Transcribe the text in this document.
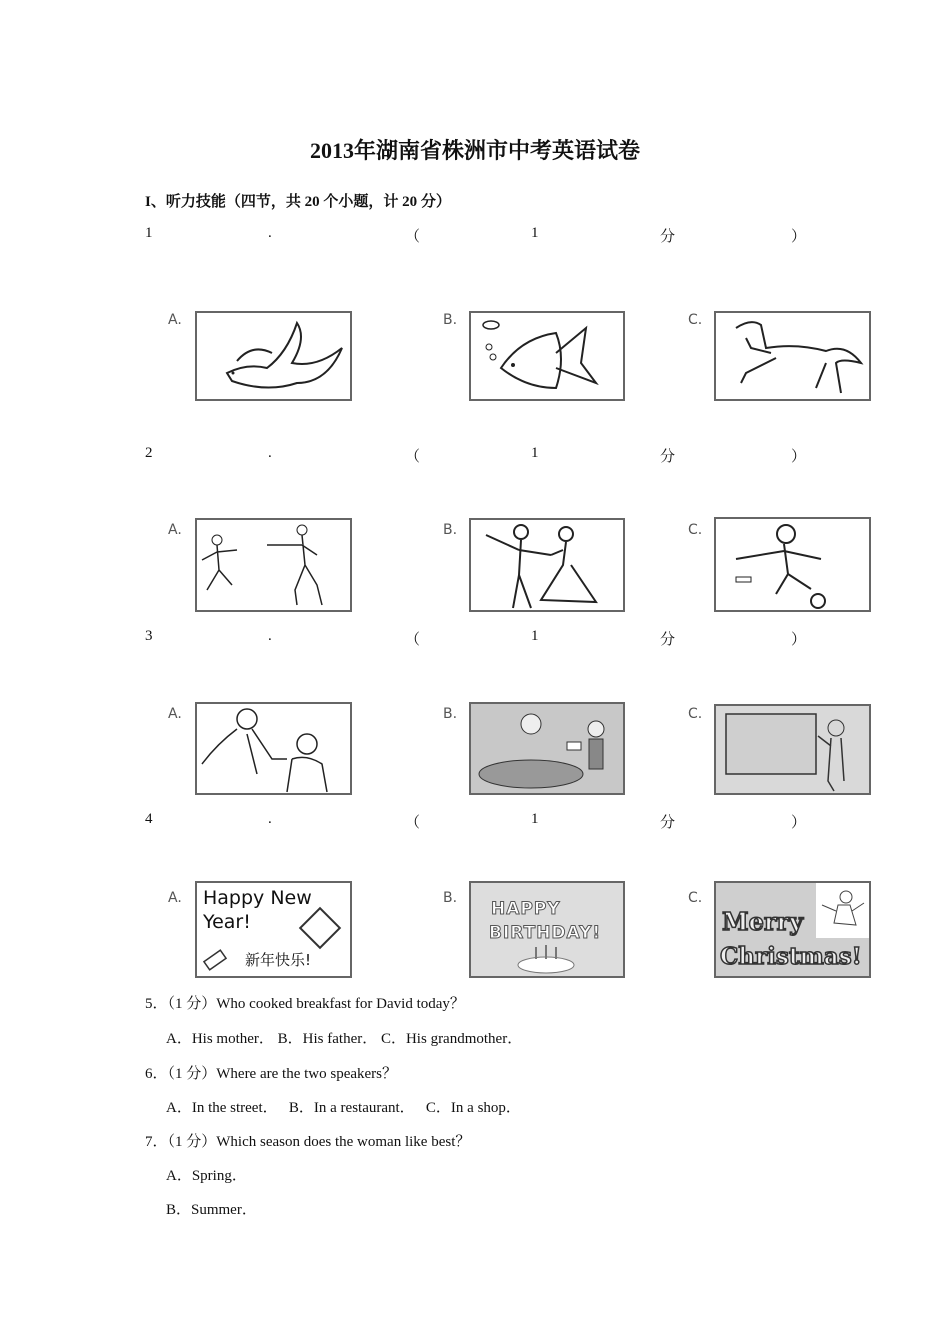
2013年湖南省株洲市中考英语试卷
I、听力技能（四节，共 20 个小题，计 20 分）
1	.	（	1	分	）
A.	B.	C.
2	.	（	1	分	）
A.	B.	C.
3	.	（	1	分	）
A.	B.	C.
4	.	（	1	分	）
A. Happy New
Year!
新年快乐!
B.
HAPPY
BIRTHDAY!
C.
Merry
Christmas!
5．（1 分）Who cooked breakfast for David today？
A．His mother． B．His father． C．His grandmother．
6．（1 分）Where are the two speakers？
A．In the street．   B．In a restaurant．   C．In a shop．
7．（1 分）Which season does the woman like best？
A．Spring．
B．Summer．
